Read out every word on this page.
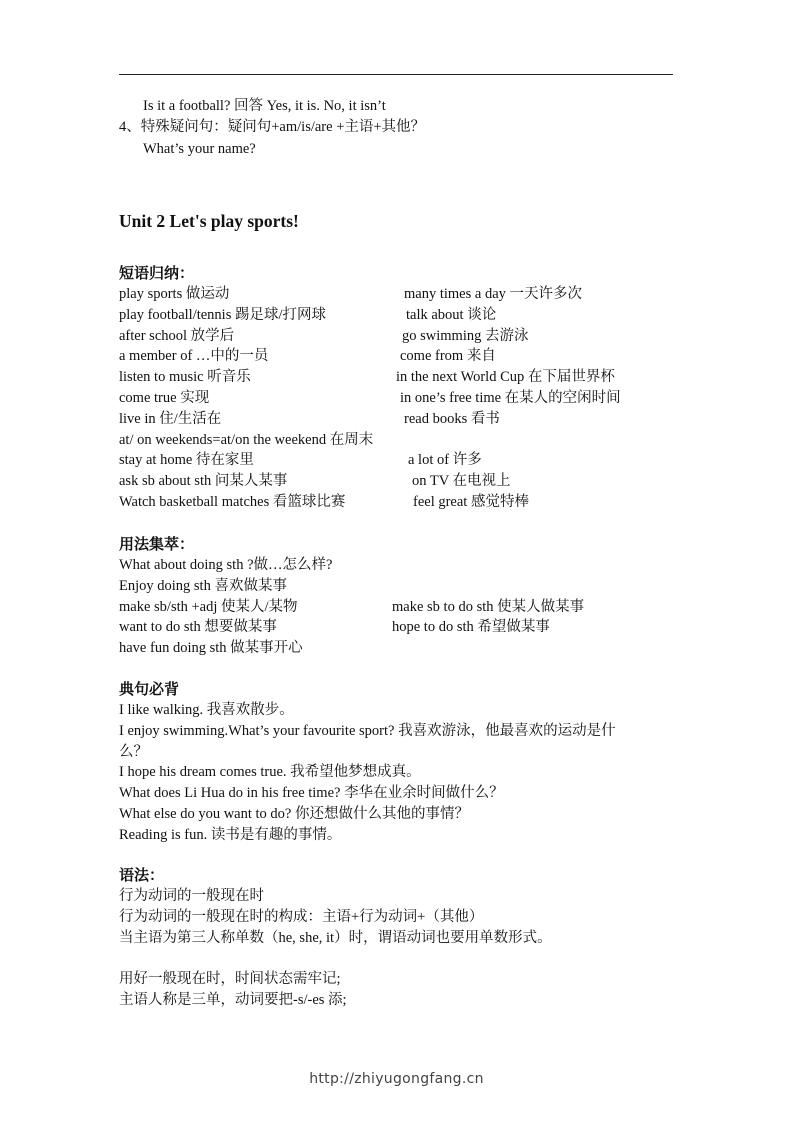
Is it a football? 回答 Yes, it is. No, it isn’t
4、特殊疑问句：疑问句+am/is/are +主语+其他？
What’s your name?
Unit 2 Let's play sports!
短语归纳：
play sports 做运动
play football/tennis 踢足球/打网球
after school 放学后
a member of …中的一员
listen to music 听音乐
come true 实现
live in 住/生活在
at/ on weekends=at/on the weekend 在周末
stay at home 待在家里
ask sb about sth 问某人某事
Watch basketball matches 看篮球比赛
many times a day 一天许多次
talk about 谈论
go swimming 去游泳
come from 来自
in the next World Cup 在下届世界杯
in one’s free time 在某人的空闲时间
read books 看书
a lot of 许多
on TV 在电视上
feel great 感觉特棒
用法集萃：
What about doing sth ?做…怎么样?
Enjoy doing sth 喜欢做某事
make sb/sth +adj 使某人/某物
want to do sth 想要做某事
have fun doing sth 做某事开心
make sb to do sth 使某人做某事
hope to do sth 希望做某事
典句必背
I like walking. 我喜欢散步。
I enjoy swimming.What’s your favourite sport? 我喜欢游泳，他最喜欢的运动是什
么？
I hope his dream comes true. 我希望他梦想成真。
What does Li Hua do in his free time? 李华在业余时间做什么？
What else do you want to do? 你还想做什么其他的事情？
Reading is fun. 读书是有趣的事情。
语法：
行为动词的一般现在时
行为动词的一般现在时的构成：主语+行为动词+（其他）
当主语为第三人称单数（he, she, it）时，谓语动词也要用单数形式。
用好一般现在时，时间状态需牢记;
主语人称是三单，动词要把-s/-es 添;
http://zhiyugongfang.cn
